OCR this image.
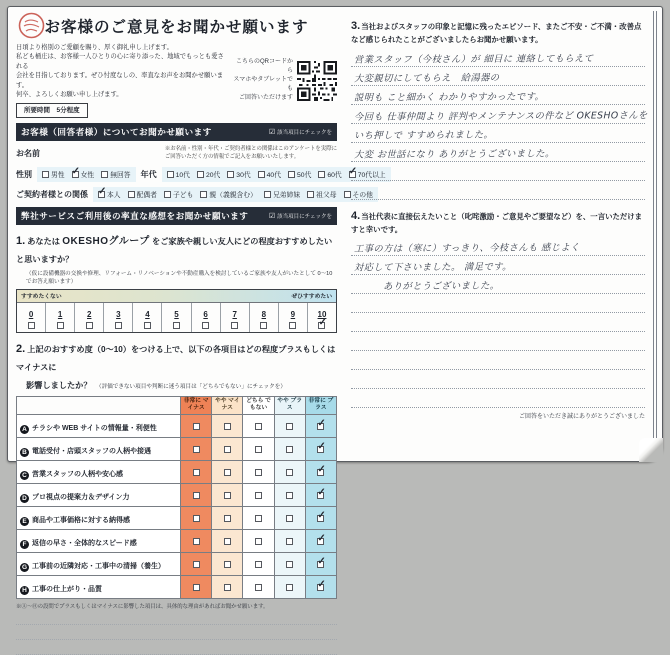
お客様のご意見をお聞かせ願います
日頃より格別のご愛顧を賜り、厚く御礼申し上げます。
私ども桶庄は、お客様一人ひとりの心に寄り添った、地域でもっとも愛される
会社を目指しております。ぜひ忖度なしの、率直なお声をお聞かせ願います。
何卒、よろしくお願い申し上げます。
所要時間　5分程度
こちらのQRコードから
スマホやタブレットでも
ご回答いただけます
お客様（回答者様）についてお聞かせ願います	☑ 該当項目にチェックを
お名前
※お名前・性別・年代・ご契約者様との関係はこのアンケートを実際に
ご回答いただく方の情報でご記入をお願いいたします。
性別	男性 ✓ 女性 無回答 年代	10代 20代 30代 40代 50代 60代 ✓ 70代以上
ご契約者様との関係 ✓	本人 配偶者 子ども 親（義親含む） 兄弟姉妹 祖父母 その他
弊社サービスご利用後の率直な感想をお聞かせ願います	☑ 該当項目にチェックを
1. あなたは OKESHOグループ をご家族や親しい友人にどの程度おすすめしたいと思いますか？
（仮に設備機器の交換や修理、リフォーム・リノベーションや不動産購入を検討しているご家族や友人がいたとして 0～10 でお答え願います）
すすめたくない	ぜひすすめたい
0	1	2	3	4	5	6	7	8	9	10
✓
2. 上記のおすすめ度（0～10）をつける上で、以下の各項目はどの程度プラスもしくはマイナスに
影響しましたか？ （評価できない項目や判断に迷う項目は「どちらでもない」にチェックを）
	非常に マイナス	やや マイナス	どちら でもない	やや プラス	非常に プラス
A チラシや WEB サイトの情報量・利便性					✓
B 電話受付・店頭スタッフの人柄や接遇					✓
C 営業スタッフの人柄や安心感					✓
D プロ視点の提案力＆デザイン力					✓
E 商品や工事価格に対する納得感					✓
F 返信の早さ・全体的なスピード感					✓
G 工事前の近隣対応・工事中の清掃（養生）					✓
H 工事の仕上がり・品質					✓
※Ⓐ～Ⓗの設問でプラスもしくはマイナスに影響した項目は、具体的な理由があればお聞かせ願います。
3.当社およびスタッフの印象と記憶に残ったエピソード、またご不安・ご不満・改善点など感じられたことがございましたらお聞かせ願います。
営業スタッフ（今枝さん）が 細目に 連絡してもらえて
大変親切にしてもらえ　給湯器の
説明も こと細かく わかりやすかったです。
今回も 仕事仲間より 評判やメンテナンスの件など OKESHOさんを
いち押しで すすめられました。
大変 お世話になり ありがとうございました。
4.当社代表に直接伝えたいこと（叱咤激励・ご意見やご要望など）を、一言いただけますと幸いです。
工事の方は（寒に）すっきり、今枝さんも 感じよく
対応して下さいました。 満足です。
　　　ありがとうございました。
ご回答をいただき誠にありがとうございました
